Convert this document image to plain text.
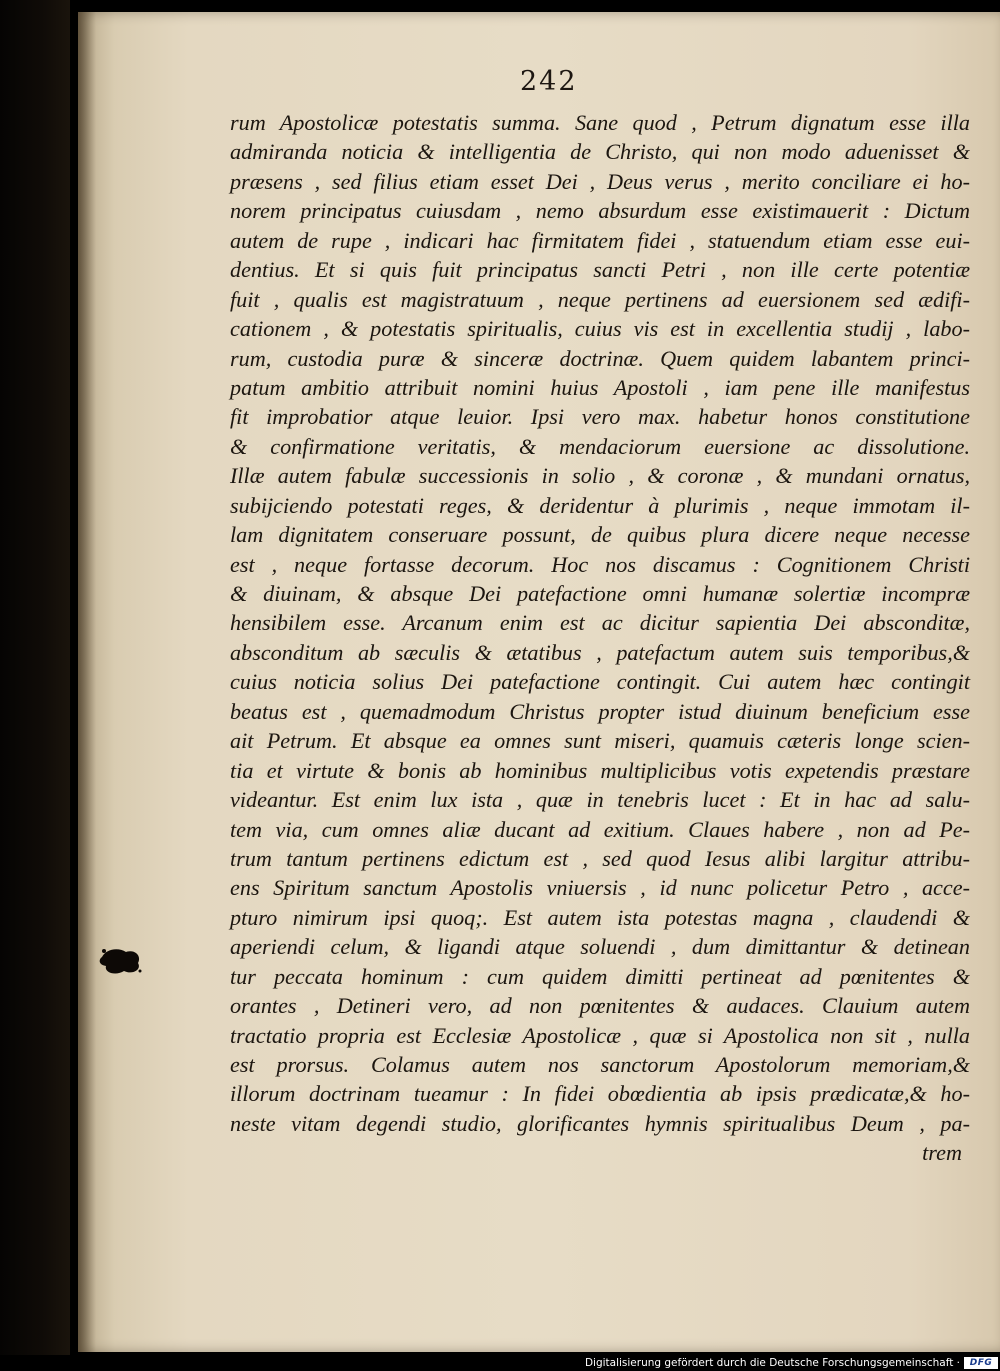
242
rum Apostolicæ potestatis summa. Sane quod , Petrum dignatum esse illa
admiranda noticia & intelligentia de Christo, qui non modo aduenisset &
præsens , sed filius etiam esset Dei , Deus verus , merito conciliare ei ho-
norem principatus cuiusdam , nemo absurdum esse existimauerit : Dictum
autem de rupe , indicari hac firmitatem fidei , statuendum etiam esse eui-
dentius. Et si quis fuit principatus sancti Petri , non ille certe potentiæ
fuit , qualis est magistratuum , neque pertinens ad euersionem sed ædifi-
cationem , & potestatis spiritualis, cuius vis est in excellentia studij , labo-
rum, custodia puræ & sinceræ doctrinæ. Quem quidem labantem princi-
patum ambitio attribuit nomini huius Apostoli , iam pene ille manifestus
fit improbatior atque leuior. Ipsi vero max. habetur honos constitutione
& confirmatione veritatis, & mendaciorum euersione ac dissolutione.
Illæ autem fabulæ successionis in solio , & coronæ , & mundani ornatus,
subijciendo potestati reges, & deridentur à plurimis , neque immotam il-
lam dignitatem conseruare possunt, de quibus plura dicere neque necesse
est , neque fortasse decorum. Hoc nos discamus : Cognitionem Christi
& diuinam, & absque Dei patefactione omni humanæ solertiæ incompræ
hensibilem esse. Arcanum enim est ac dicitur sapientia Dei absconditæ,
absconditum ab sæculis & ætatibus , patefactum autem suis temporibus,&
cuius noticia solius Dei patefactione contingit. Cui autem hæc contingit
beatus est , quemadmodum Christus propter istud diuinum beneficium esse
ait Petrum. Et absque ea omnes sunt miseri, quamuis cæteris longe scien-
tia et virtute & bonis ab hominibus multiplicibus votis expetendis præstare
videantur. Est enim lux ista , quæ in tenebris lucet : Et in hac ad salu-
tem via, cum omnes aliæ ducant ad exitium. Claues habere , non ad Pe-
trum tantum pertinens edictum est , sed quod Iesus alibi largitur attribu-
ens Spiritum sanctum Apostolis vniuersis , id nunc policetur Petro , acce-
pturo nimirum ipsi quoq;. Est autem ista potestas magna , claudendi &
aperiendi celum, & ligandi atque soluendi , dum dimittantur & detinean
tur peccata hominum : cum quidem dimitti pertineat ad pœnitentes &
orantes , Detineri vero, ad non pœnitentes & audaces. Clauium autem
tractatio propria est Ecclesiæ Apostolicæ , quæ si Apostolica non sit , nulla
est prorsus. Colamus autem nos sanctorum Apostolorum memoriam,&
illorum doctrinam tueamur : In fidei obœdientia ab ipsis prædicatæ,& ho-
neste vitam degendi studio, glorificantes hymnis spiritualibus Deum , pa-
trem
Digitalisierung gefördert durch die Deutsche Forschungsgemeinschaft ·	DFG
